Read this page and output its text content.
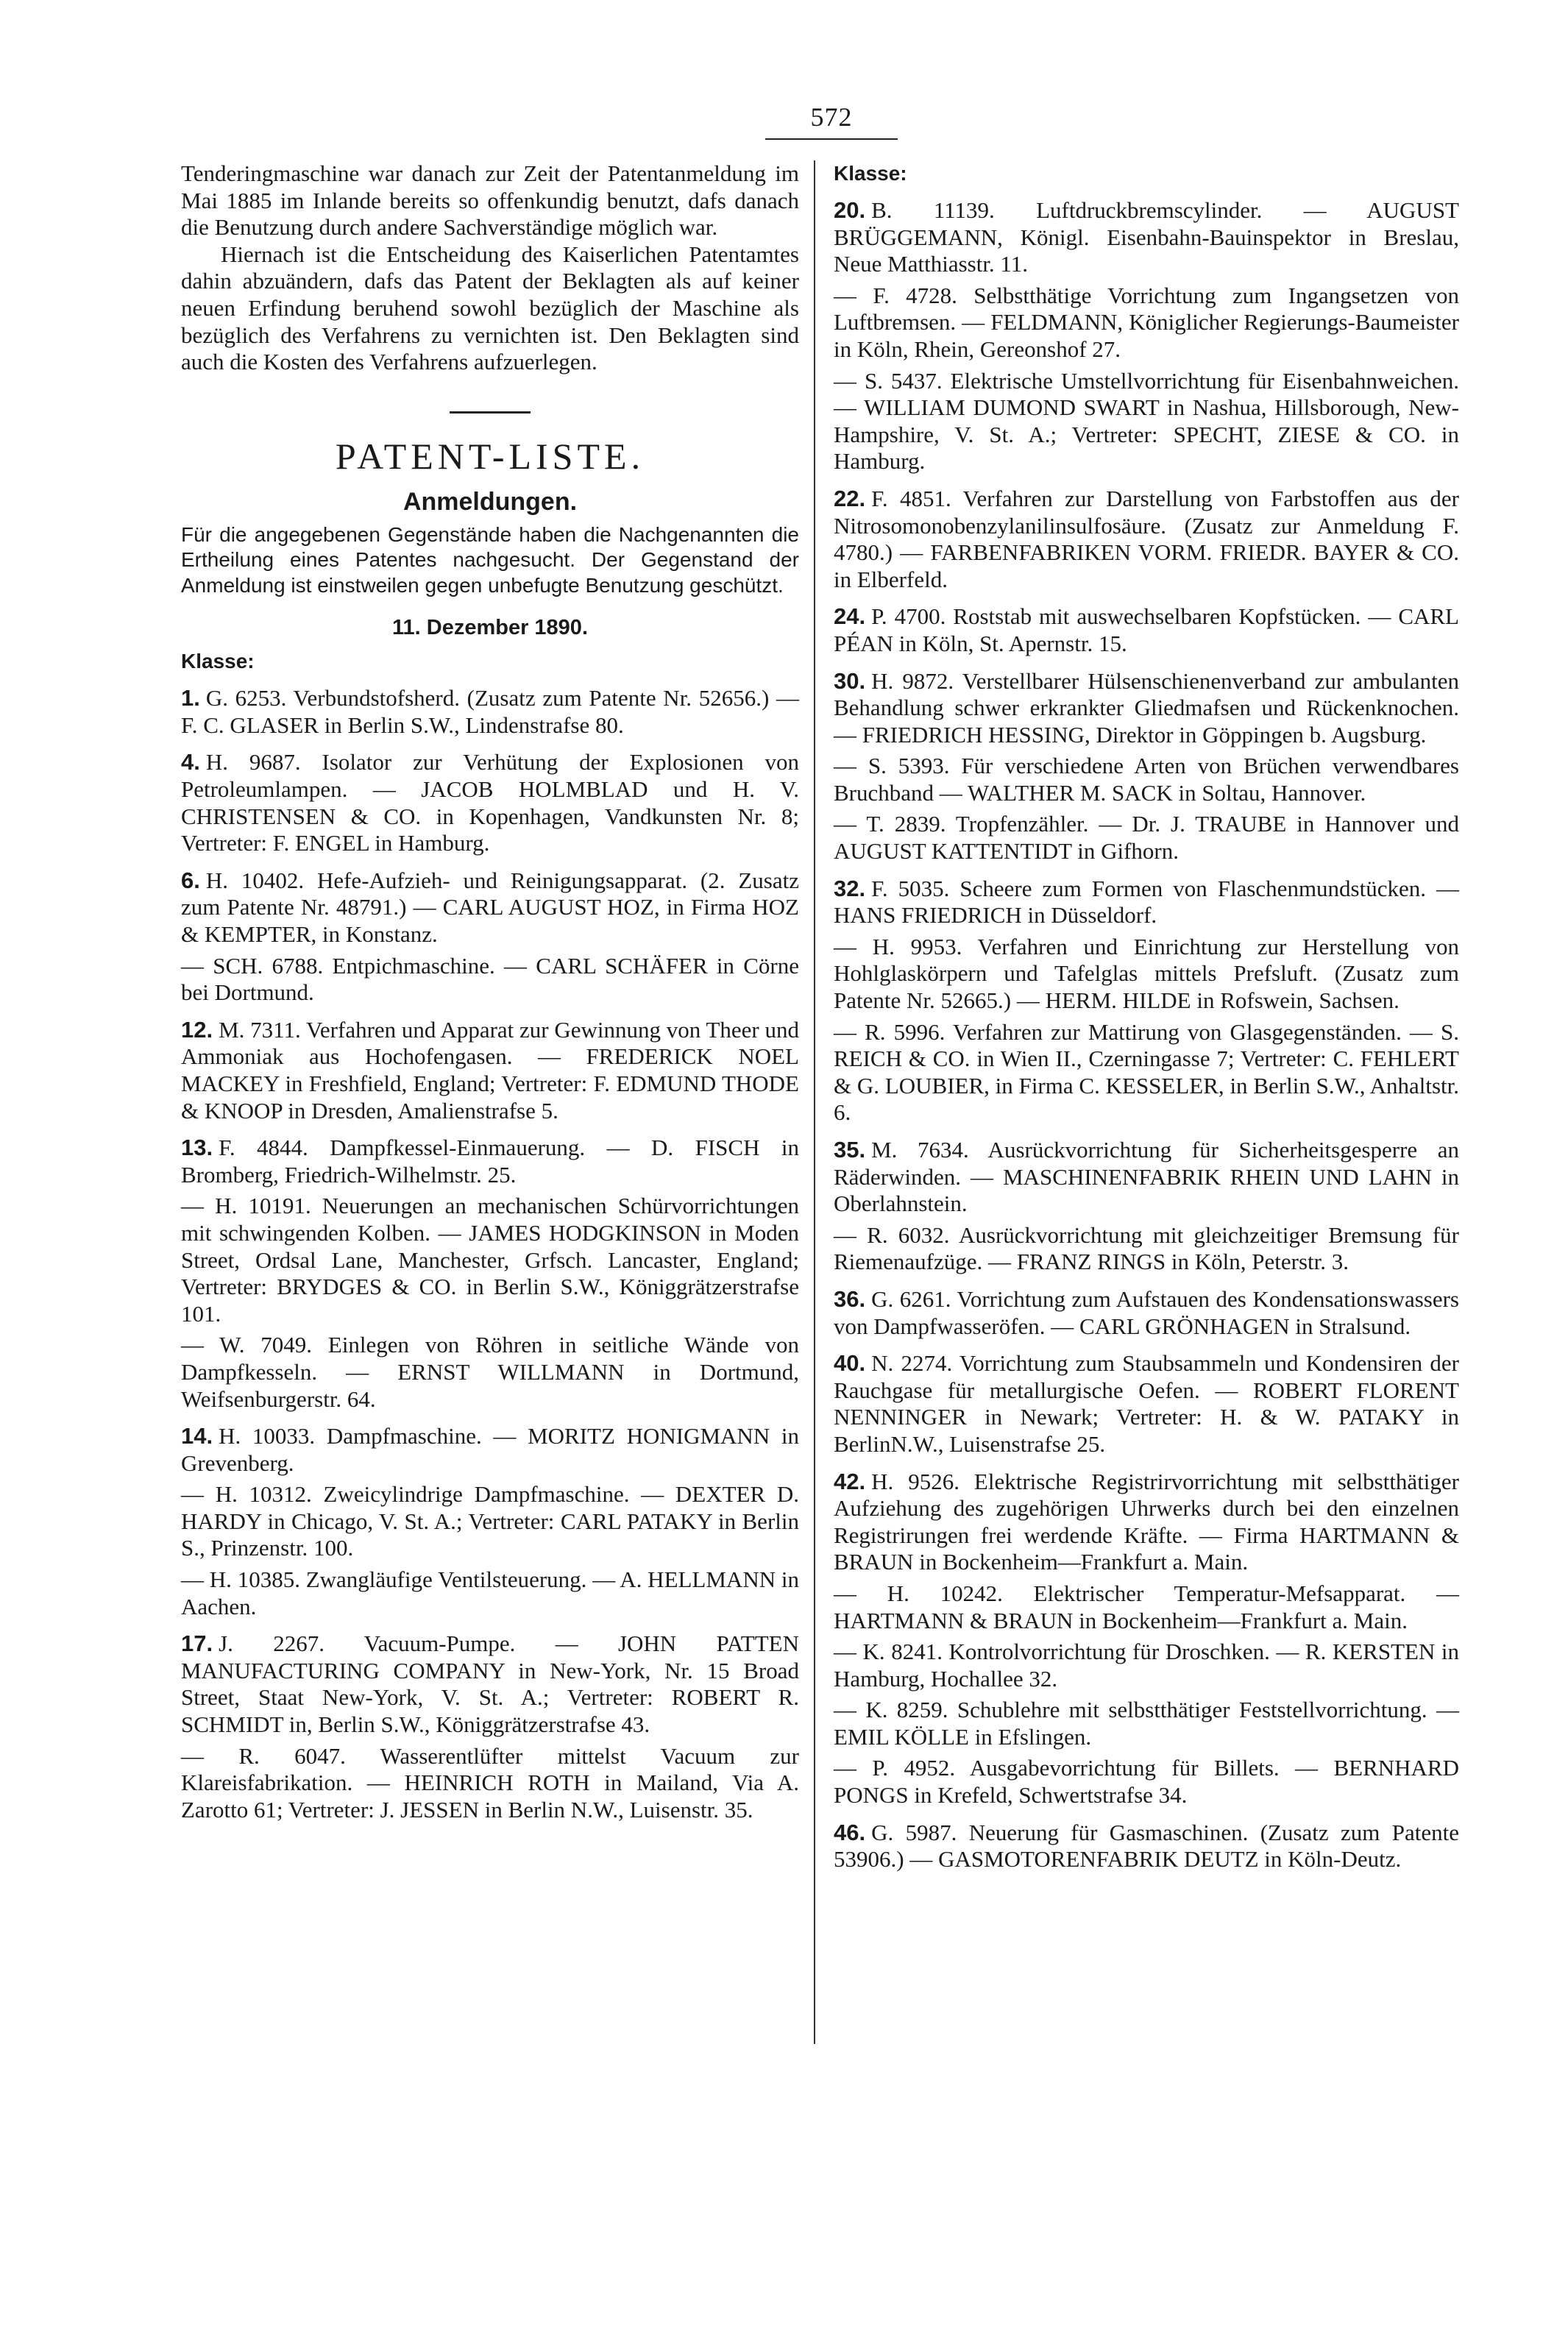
572

Tenderingmaschine war danach zur Zeit der Patentanmeldung im Mai 1885 im Inlande bereits so offenkundig benutzt, dafs danach die Benutzung durch andere Sachverständige möglich war.

Hiernach ist die Entscheidung des Kaiserlichen Patentamtes dahin abzuändern, dafs das Patent der Beklagten als auf keiner neuen Erfindung beruhend sowohl bezüglich der Maschine als bezüglich des Verfahrens zu vernichten ist. Den Beklagten sind auch die Kosten des Verfahrens aufzuerlegen.

PATENT-LISTE.
Anmeldungen.

Für die angegebenen Gegenstände haben die Nachgenannten die Ertheilung eines Patentes nachgesucht. Der Gegenstand der Anmeldung ist einstweilen gegen unbefugte Benutzung geschützt.

11. Dezember 1890.
Klasse:

1. G. 6253. Verbundstofsherd. (Zusatz zum Patente Nr. 52656.) — F. C. GLASER in Berlin S.W., Lindenstrafse 80.

4. H. 9687. Isolator zur Verhütung der Explosionen von Petroleumlampen. — JACOB HOLMBLAD und H. V. CHRISTENSEN & CO. in Kopenhagen, Vandkunsten Nr. 8; Vertreter: F. ENGEL in Hamburg.

6. H. 10402. Hefe-Aufzieh- und Reinigungsapparat. (2. Zusatz zum Patente Nr. 48791.) — CARL AUGUST HOZ, in Firma HOZ & KEMPTER, in Konstanz.

— SCH. 6788. Entpichmaschine. — CARL SCHÄFER in Cörne bei Dortmund.

12. M. 7311. Verfahren und Apparat zur Gewinnung von Theer und Ammoniak aus Hochofengasen. — FREDERICK NOEL MACKEY in Freshfield, England; Vertreter: F. EDMUND THODE & KNOOP in Dresden, Amalienstrafse 5.

13. F. 4844. Dampfkessel-Einmauerung. — D. FISCH in Bromberg, Friedrich-Wilhelmstr. 25.

— H. 10191. Neuerungen an mechanischen Schürvorrichtungen mit schwingenden Kolben. — JAMES HODGKINSON in Moden Street, Ordsal Lane, Manchester, Grfsch. Lancaster, England; Vertreter: BRYDGES & CO. in Berlin S.W., Königgrätzerstrafse 101.

— W. 7049. Einlegen von Röhren in seitliche Wände von Dampfkesseln. — ERNST WILLMANN in Dortmund, Weifsenburgerstr. 64.

14. H. 10033. Dampfmaschine. — MORITZ HONIGMANN in Grevenberg.

— H. 10312. Zweicylindrige Dampfmaschine. — DEXTER D. HARDY in Chicago, V. St. A.; Vertreter: CARL PATAKY in Berlin S., Prinzenstr. 100.

— H. 10385. Zwangläufige Ventilsteuerung. — A. HELLMANN in Aachen.

17. J. 2267. Vacuum-Pumpe. — JOHN PATTEN MANUFACTURING COMPANY in New-York, Nr. 15 Broad Street, Staat New-York, V. St. A.; Vertreter: ROBERT R. SCHMIDT in, Berlin S.W., Königgrätzerstrafse 43.

— R. 6047. Wasserentlüfter mittelst Vacuum zur Klareisfabrikation. — HEINRICH ROTH in Mailand, Via A. Zarotto 61; Vertreter: J. JESSEN in Berlin N.W., Luisenstr. 35.

Klasse:

20. B. 11139. Luftdruckbremscylinder. — AUGUST BRÜGGEMANN, Königl. Eisenbahn-Bauinspektor in Breslau, Neue Matthiasstr. 11.

— F. 4728. Selbstthätige Vorrichtung zum Ingangsetzen von Luftbremsen. — FELDMANN, Königlicher Regierungs-Baumeister in Köln, Rhein, Gereonshof 27.

— S. 5437. Elektrische Umstellvorrichtung für Eisenbahnweichen. — WILLIAM DUMOND SWART in Nashua, Hillsborough, New-Hampshire, V. St. A.; Vertreter: SPECHT, ZIESE & CO. in Hamburg.

22. F. 4851. Verfahren zur Darstellung von Farbstoffen aus der Nitrosomonobenzylanilinsulfosäure. (Zusatz zur Anmeldung F. 4780.) — FARBENFABRIKEN VORM. FRIEDR. BAYER & CO. in Elberfeld.

24. P. 4700. Roststab mit auswechselbaren Kopfstücken. — CARL PÉAN in Köln, St. Apernstr. 15.

30. H. 9872. Verstellbarer Hülsenschienenverband zur ambulanten Behandlung schwer erkrankter Gliedmafsen und Rückenknochen. — FRIEDRICH HESSING, Direktor in Göppingen b. Augsburg.

— S. 5393. Für verschiedene Arten von Brüchen verwendbares Bruchband — WALTHER M. SACK in Soltau, Hannover.

— T. 2839. Tropfenzähler. — Dr. J. TRAUBE in Hannover und AUGUST KATTENTIDT in Gifhorn.

32. F. 5035. Scheere zum Formen von Flaschenmundstücken. — HANS FRIEDRICH in Düsseldorf.

— H. 9953. Verfahren und Einrichtung zur Herstellung von Hohlglaskörpern und Tafelglas mittels Prefsluft. (Zusatz zum Patente Nr. 52665.) — HERM. HILDE in Rofswein, Sachsen.

— R. 5996. Verfahren zur Mattirung von Glasgegenständen. — S. REICH & CO. in Wien II., Czerningasse 7; Vertreter: C. FEHLERT & G. LOUBIER, in Firma C. KESSELER, in Berlin S.W., Anhaltstr. 6.

35. M. 7634. Ausrückvorrichtung für Sicherheitsgesperre an Räderwinden. — MASCHINENFABRIK RHEIN UND LAHN in Oberlahnstein.

— R. 6032. Ausrückvorrichtung mit gleichzeitiger Bremsung für Riemenaufzüge. — FRANZ RINGS in Köln, Peterstr. 3.

36. G. 6261. Vorrichtung zum Aufstauen des Kondensationswassers von Dampfwasseröfen. — CARL GRÖNHAGEN in Stralsund.

40. N. 2274. Vorrichtung zum Staubsammeln und Kondensiren der Rauchgase für metallurgische Oefen. — ROBERT FLORENT NENNINGER in Newark; Vertreter: H. & W. PATAKY in BerlinN.W., Luisenstrafse 25.

42. H. 9526. Elektrische Registrirvorrichtung mit selbstthätiger Aufziehung des zugehörigen Uhrwerks durch bei den einzelnen Registrirungen frei werdende Kräfte. — Firma HARTMANN & BRAUN in Bockenheim—Frankfurt a. Main.

— H. 10242. Elektrischer Temperatur-Mefsapparat. — HARTMANN & BRAUN in Bockenheim—Frankfurt a. Main.

— K. 8241. Kontrolvorrichtung für Droschken. — R. KERSTEN in Hamburg, Hochallee 32.

— K. 8259. Schublehre mit selbstthätiger Feststellvorrichtung. — EMIL KÖLLE in Efslingen.

— P. 4952. Ausgabevorrichtung für Billets. — BERNHARD PONGS in Krefeld, Schwertstrafse 34.

46. G. 5987. Neuerung für Gasmaschinen. (Zusatz zum Patente 53906.) — GASMOTORENFABRIK DEUTZ in Köln-Deutz.
